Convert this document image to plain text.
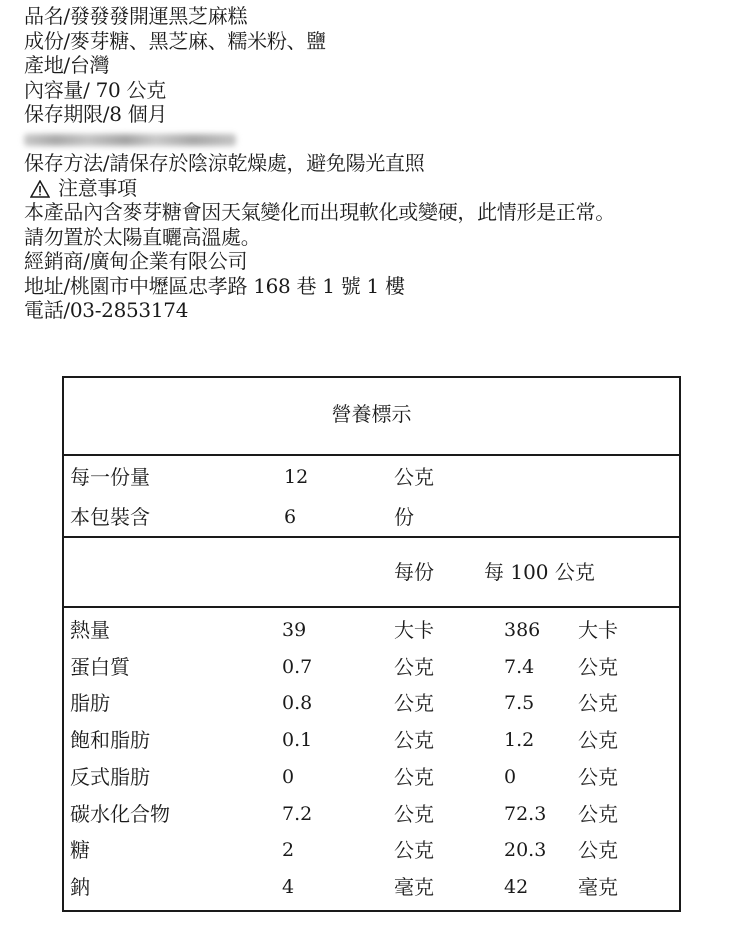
品名/發發發開運黑芝麻糕
成份/麥芽糖、黑芝麻、糯米粉、鹽
產地/台灣
內容量/ 70 公克
保存期限/8 個月
保存方法/請保存於陰涼乾燥處，避免陽光直照
注意事項
本產品內含麥芽糖會因天氣變化而出現軟化或變硬，此情形是正常。
請勿置於太陽直曬高溫處。
經銷商/廣甸企業有限公司
地址/桃園市中壢區忠孝路 168 巷 1 號 1 樓
電話/03-2853174
營養標示
每一份量	12	公克
本包裝含	6	份
每份	每 100 公克
熱量	39	大卡	386 大卡
蛋白質	0.7	公克	7.4 公克
脂肪	0.8	公克	7.5 公克
飽和脂肪	0.1	公克	1.2 公克
反式脂肪	0	公克	0	公克
碳水化合物	7.2	公克	72.3 公克
糖	2	公克	20.3 公克
鈉	4	毫克	42 毫克
